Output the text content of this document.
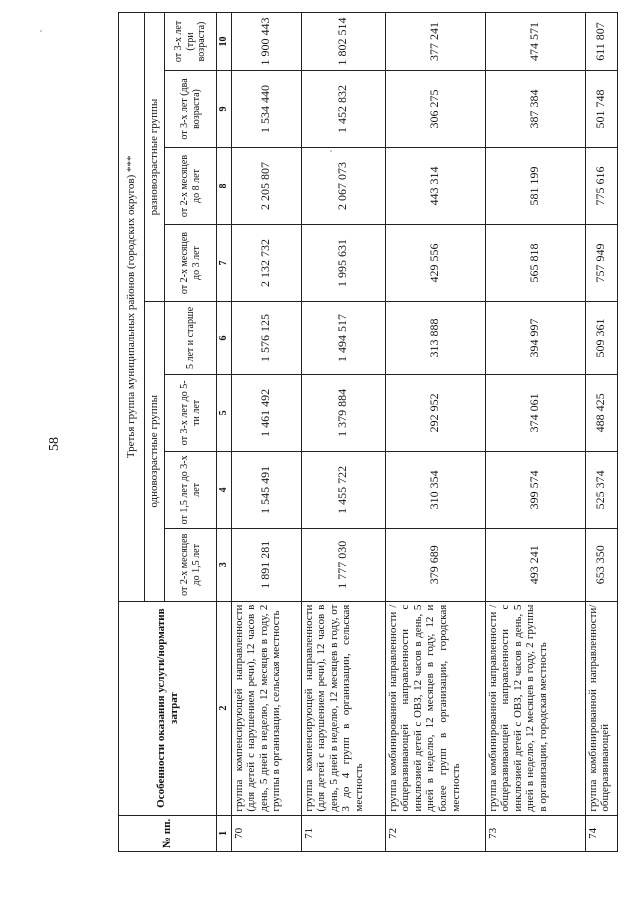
58
№ пп.	Особенности оказания услуги/норматив затрат	Третья группа муниципальных районов (городских округов) ***							
		одновозрастные группы				разновозрастные группы			
		от 2-х месяцев до 1,5 лет	от 1,5 лет до 3-х лет	от 3-х лет до 5-ти лет	5 лет и старше	от 2-х месяцев до 3 лет	от 2-х месяцев до 8 лет	от 3-х лет (два возраста)	от 3-х лет (три возраста)
1	2	3	4	5	6	7	8	9	10
70	группа компенсирующей направленности (для детей с нарушением речи), 12 часов в день, 5 дней в неделю, 12 месяцев в году, 2 группы в организации, сельская местность	1 891 281	1 545 491	1 461 492	1 576 125	2 132 732	2 205 807	1 534 440	1 900 443
71	группа компенсирующей направленности (для детей с нарушением речи), 12 часов в день, 5 дней в неделю, 12 месяцев в году, от 3 до 4 групп в организации, сельская местность	1 777 030	1 455 722	1 379 884	1 494 517	1 995 631	2 067 073	1 452 832	1 802 514
72	группа комбинированной направленности / общеразвивающей направленности с инклюзией детей с ОВЗ, 12 часов в день, 5 дней в неделю, 12 месяцев в году, 12 и более групп в организации, городская местность	379 689	310 354	292 952	313 888	429 556	443 314	306 275	377 241
73	группа комбинированной направленности / общеразвивающей направленности с инклюзией детей с ОВЗ, 12 часов в день, 5 дней в неделю, 12 месяцев в году, 2 группы в организации, городская местность	493 241	399 574	374 061	394 997	565 818	581 199	387 384	474 571
74	группа комбинированной направленности/ общеразвивающей	653 350	525 374	488 425	509 361	757 949	775 616	501 748	611 807
